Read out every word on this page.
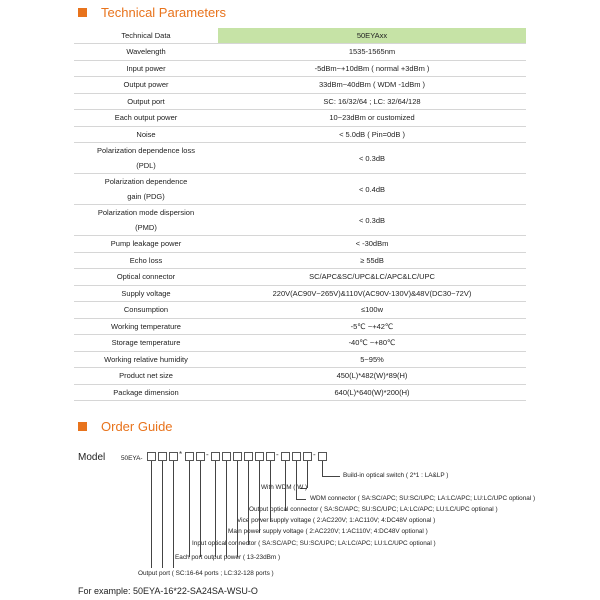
Technical Parameters
Technical Data	50EYAxx
Wavelength	1535-1565nm
Input power	-5dBm~+10dBm ( normal +3dBm )
Output power	33dBm~40dBm ( WDM -1dBm )
Output port	SC: 16/32/64 ; LC: 32/64/128
Each output power	10~23dBm or customized
Noise	< 5.0dB ( Pin=0dB )

Polarization dependence loss
(PDL)	< 0.3dB

Polarization dependence
gain (PDG)	< 0.4dB

Polarization mode dispersion
(PMD)	< 0.3dB
Pump leakage power	< -30dBm
Echo loss	≥ 55dB
Optical connector	SC/APC&SC/UPC&LC/APC&LC/UPC
Supply voltage	220V(AC90V~265V)&110V(AC90V-130V)&48V(DC30~72V)
Consumption	≤100w
Working temperature	-5℃ ~+42℃
Storage temperature	-40℃ ~+80℃
Working relative humidity	5~95%
Product net size	450(L)*482(W)*89(H)
Package dimension	640(L)*640(W)*200(H)
Order Guide
Model 50EYA-	*	-	-	-
Build-in optical switch ( 2*1 : LA&LP )
With WDM ( W )
WDM connector ( SA:SC/APC; SU:SC/UPC; LA:LC/APC; LU:LC/UPC optional )
Output optical connector ( SA:SC/APC; SU:SC/UPC; LA:LC/APC; LU:LC/UPC optional )
Vice power supply voltage ( 2:AC220V; 1:AC110V; 4:DC48V optional )
Main power supply voltage ( 2:AC220V; 1:AC110V; 4:DC48V optional )
Input optical connector ( SA:SC/APC; SU:SC/UPC; LA:LC/APC; LU:LC/UPC optional )
Each port output power ( 13-23dBm )
Output port ( SC:16-64 ports ; LC:32-128 ports )
For example: 50EYA-16*22-SA24SA-WSU-O
